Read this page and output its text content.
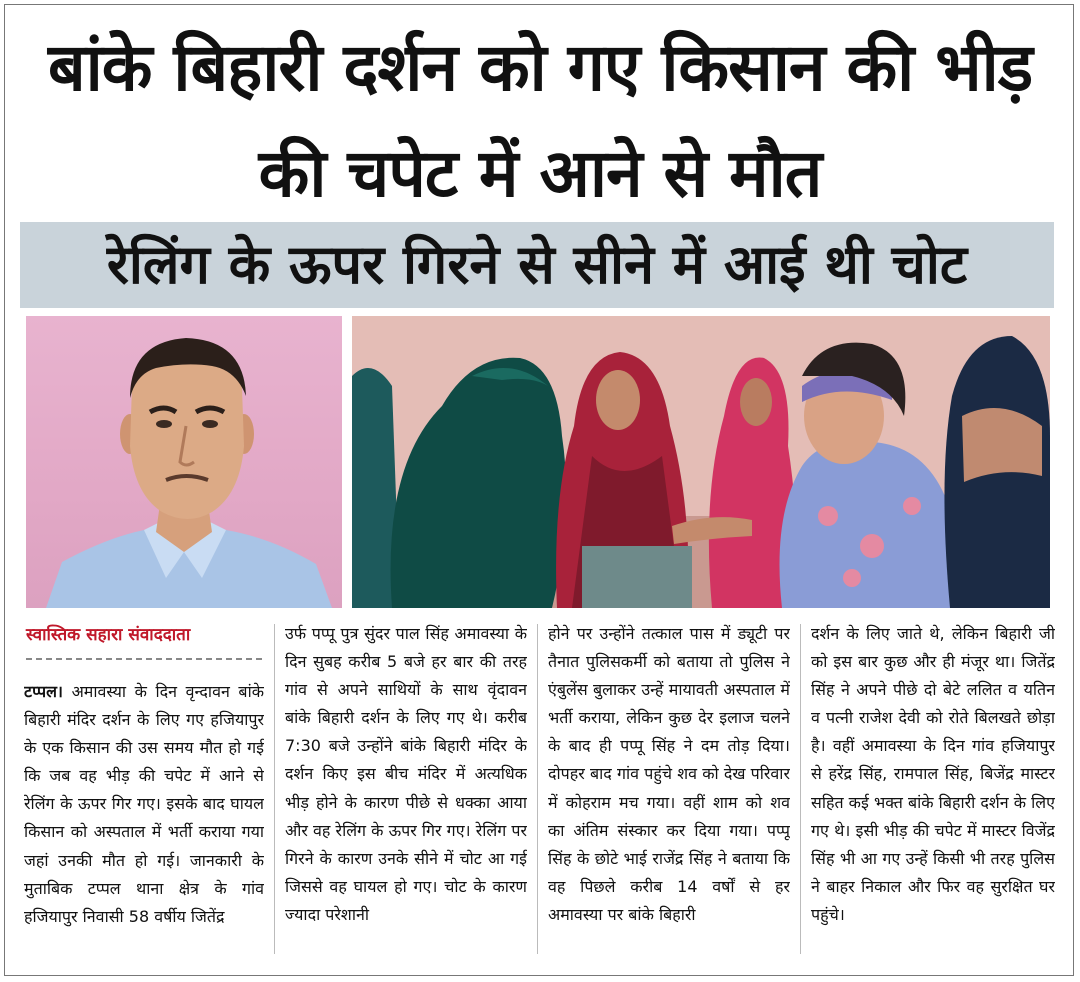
बांके बिहारी दर्शन को गए किसान की भीड़
की चपेट में आने से मौत
रेलिंग के ऊपर गिरने से सीने में आई थी चोट
स्वास्तिक सहारा संवाददाता
टप्पल। अमावस्या के दिन वृन्दावन बांके बिहारी मंदिर दर्शन के लिए गए हजियापुर के एक किसान की उस समय मौत हो गई कि जब वह भीड़ की चपेट में आने से रेलिंग के ऊपर गिर गए। इसके बाद घायल किसान को अस्पताल में भर्ती कराया गया जहां उनकी मौत हो गई। जानकारी के मुताबिक टप्पल थाना क्षेत्र के गांव हजियापुर निवासी 58 वर्षीय जितेंद्र
उर्फ पप्पू पुत्र सुंदर पाल सिंह अमावस्या के दिन सुबह करीब 5 बजे हर बार की तरह गांव से अपने साथियों के साथ वृंदावन बांके बिहारी दर्शन के लिए गए थे। करीब 7:30 बजे उन्होंने बांके बिहारी मंदिर के दर्शन किए इस बीच मंदिर में अत्यधिक भीड़ होने के कारण पीछे से धक्का आया और वह रेलिंग के ऊपर गिर गए। रेलिंग पर गिरने के कारण उनके सीने में चोट आ गई जिससे वह घायल हो गए। चोट के कारण ज्यादा परेशानी
होने पर उन्होंने तत्काल पास में ड्यूटी पर तैनात पुलिसकर्मी को बताया तो पुलिस ने एंबुलेंस बुलाकर उन्हें मायावती अस्पताल में भर्ती कराया, लेकिन कुछ देर इलाज चलने के बाद ही पप्पू सिंह ने दम तोड़ दिया। दोपहर बाद गांव पहुंचे शव को देख परिवार में कोहराम मच गया। वहीं शाम को शव का अंतिम संस्कार कर दिया गया। पप्पू सिंह के छोटे भाई राजेंद्र सिंह ने बताया कि वह पिछले करीब 14 वर्षों से हर अमावस्या पर बांके बिहारी
दर्शन के लिए जाते थे, लेकिन बिहारी जी को इस बार कुछ और ही मंजूर था। जितेंद्र सिंह ने अपने पीछे दो बेटे ललित व यतिन व पत्नी राजेश देवी को रोते बिलखते छोड़ा है। वहीं अमावस्या के दिन गांव हजियापुर से हरेंद्र सिंह, रामपाल सिंह, बिजेंद्र मास्टर सहित कई भक्त बांके बिहारी दर्शन के लिए गए थे। इसी भीड़ की चपेट में मास्टर विजेंद्र सिंह भी आ गए उन्हें किसी भी तरह पुलिस ने बाहर निकाल और फिर वह सुरक्षित घर पहुंचे।
